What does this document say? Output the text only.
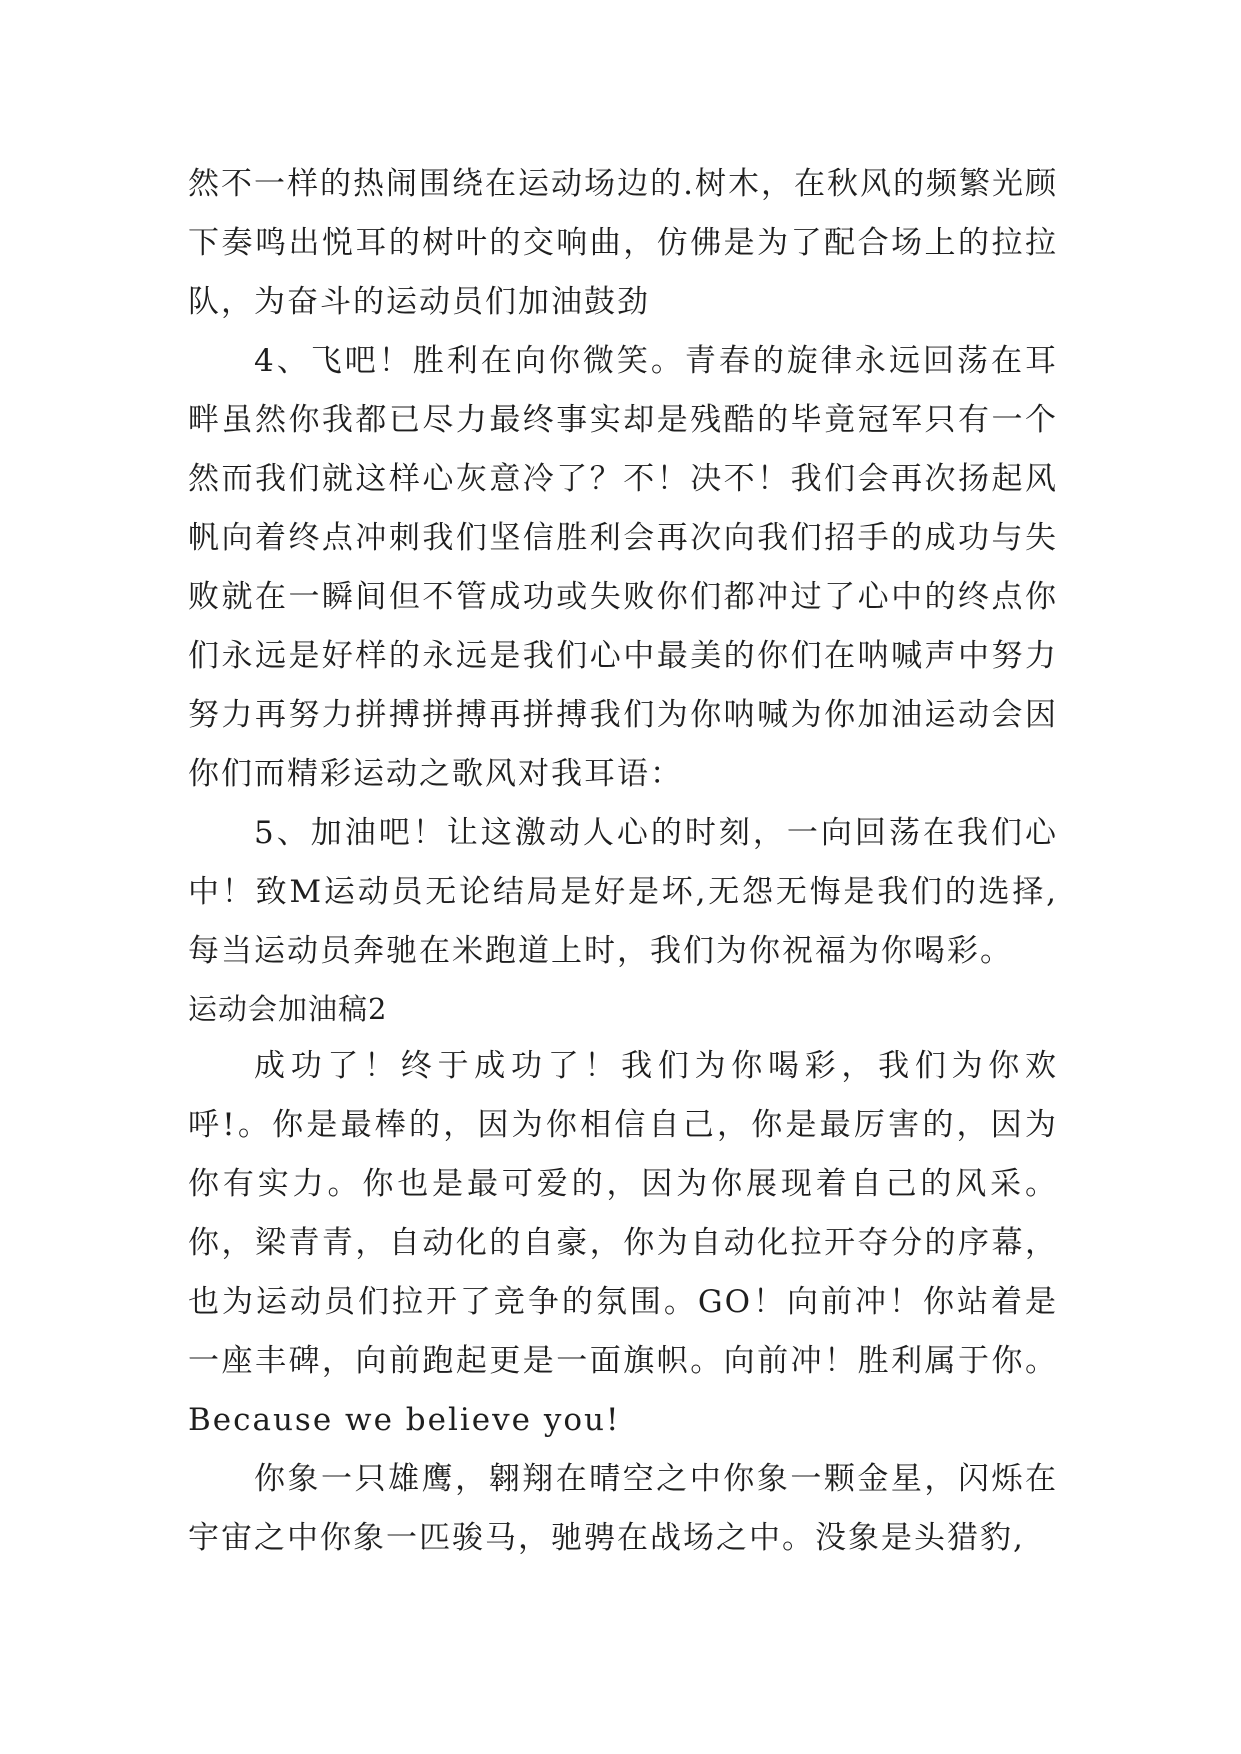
然不一样的热闹围绕在运动场边的.树木，在秋风的频繁光顾下奏鸣出悦耳的树叶的交响曲，仿佛是为了配合场上的拉拉队，为奋斗的运动员们加油鼓劲

4、飞吧！胜利在向你微笑。青春的旋律永远回荡在耳畔虽然你我都已尽力最终事实却是残酷的毕竟冠军只有一个然而我们就这样心灰意冷了？不！决不！我们会再次扬起风帆向着终点冲刺我们坚信胜利会再次向我们招手的成功与失败就在一瞬间但不管成功或失败你们都冲过了心中的终点你们永远是好样的永远是我们心中最美的你们在呐喊声中努力努力再努力拼搏拼搏再拼搏我们为你呐喊为你加油运动会因你们而精彩运动之歌风对我耳语：

5、加油吧！让这激动人心的时刻，一向回荡在我们心中！致M运动员无论结局是好是坏,无怨无悔是我们的选择,每当运动员奔驰在米跑道上时，我们为你祝福为你喝彩。

运动会加油稿2

成功了！终于成功了！我们为你喝彩，我们为你欢呼!。你是最棒的，因为你相信自己，你是最厉害的，因为你有实力。你也是最可爱的，因为你展现着自己的风采。你，梁青青，自动化的自豪，你为自动化拉开夺分的序幕，也为运动员们拉开了竞争的氛围。GO！向前冲！你站着是一座丰碑，向前跑起更是一面旗帜。向前冲！胜利属于你。Because we believe you!

你象一只雄鹰，翱翔在晴空之中你象一颗金星，闪烁在宇宙之中你象一匹骏马，驰骋在战场之中。没象是头猎豹,
